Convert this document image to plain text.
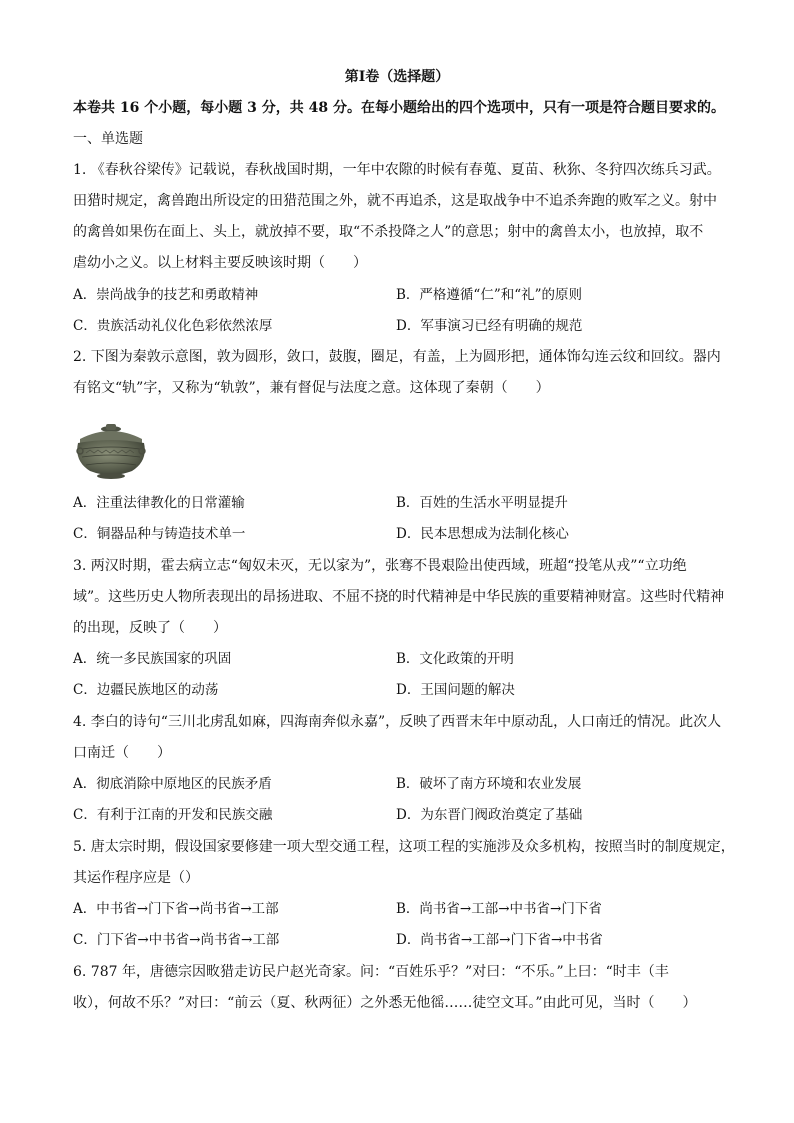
第Ⅰ卷（选择题）
本卷共 16 个小题，每小题 3 分，共 48 分。在每小题给出的四个选项中，只有一项是符合题目要求的。
一、单选题
1. 《春秋谷梁传》记载说，春秋战国时期，一年中农隙的时候有春蒐、夏苗、秋狝、冬狩四次练兵习武。
田猎时规定，禽兽跑出所设定的田猎范围之外，就不再追杀，这是取战争中不追杀奔跑的败军之义。射中
的禽兽如果伤在面上、头上，就放掉不要，取“不杀投降之人”的意思；射中的禽兽太小，也放掉，取不
虐幼小之义。以上材料主要反映该时期（　　）
A．崇尚战争的技艺和勇敢精神	B．严格遵循“仁”和“礼”的原则
C．贵族活动礼仪化色彩依然浓厚	D．军事演习已经有明确的规范
2. 下图为秦敦示意图，敦为圆形，敛口，鼓腹，圈足，有盖，上为圆形把，通体饰勾连云纹和回纹。器内
有铭文“轨”字，又称为“轨敦”，兼有督促与法度之意。这体现了秦朝（　　）
A．注重法律教化的日常灌输	B．百姓的生活水平明显提升
C．铜器品种与铸造技术单一	D．民本思想成为法制化核心
3. 两汉时期，霍去病立志“匈奴未灭，无以家为”，张骞不畏艰险出使西域，班超“投笔从戎”“立功绝
域”。这些历史人物所表现出的昂扬进取、不屈不挠的时代精神是中华民族的重要精神财富。这些时代精神
的出现，反映了（　　）
A．统一多民族国家的巩固	B．文化政策的开明
C．边疆民族地区的动荡	D．王国问题的解决
4. 李白的诗句“三川北虏乱如麻，四海南奔似永嘉”，反映了西晋末年中原动乱，人口南迁的情况。此次人
口南迁（　　）
A．彻底消除中原地区的民族矛盾	B．破坏了南方环境和农业发展
C．有利于江南的开发和民族交融	D．为东晋门阀政治奠定了基础
5. 唐太宗时期，假设国家要修建一项大型交通工程，这项工程的实施涉及众多机构，按照当时的制度规定，
其运作程序应是（）
A．中书省→门下省→尚书省→工部	B．尚书省→工部→中书省→门下省
C．门下省→中书省→尚书省→工部	D．尚书省→工部→门下省→中书省
6. 787 年，唐德宗因畋猎走访民户赵光奇家。问：“百姓乐乎？”对曰：“不乐。”上曰：“时丰（丰
收），何故不乐？”对曰：“前云（夏、秋两征）之外悉无他徭……徒空文耳。”由此可见，当时（　　）
